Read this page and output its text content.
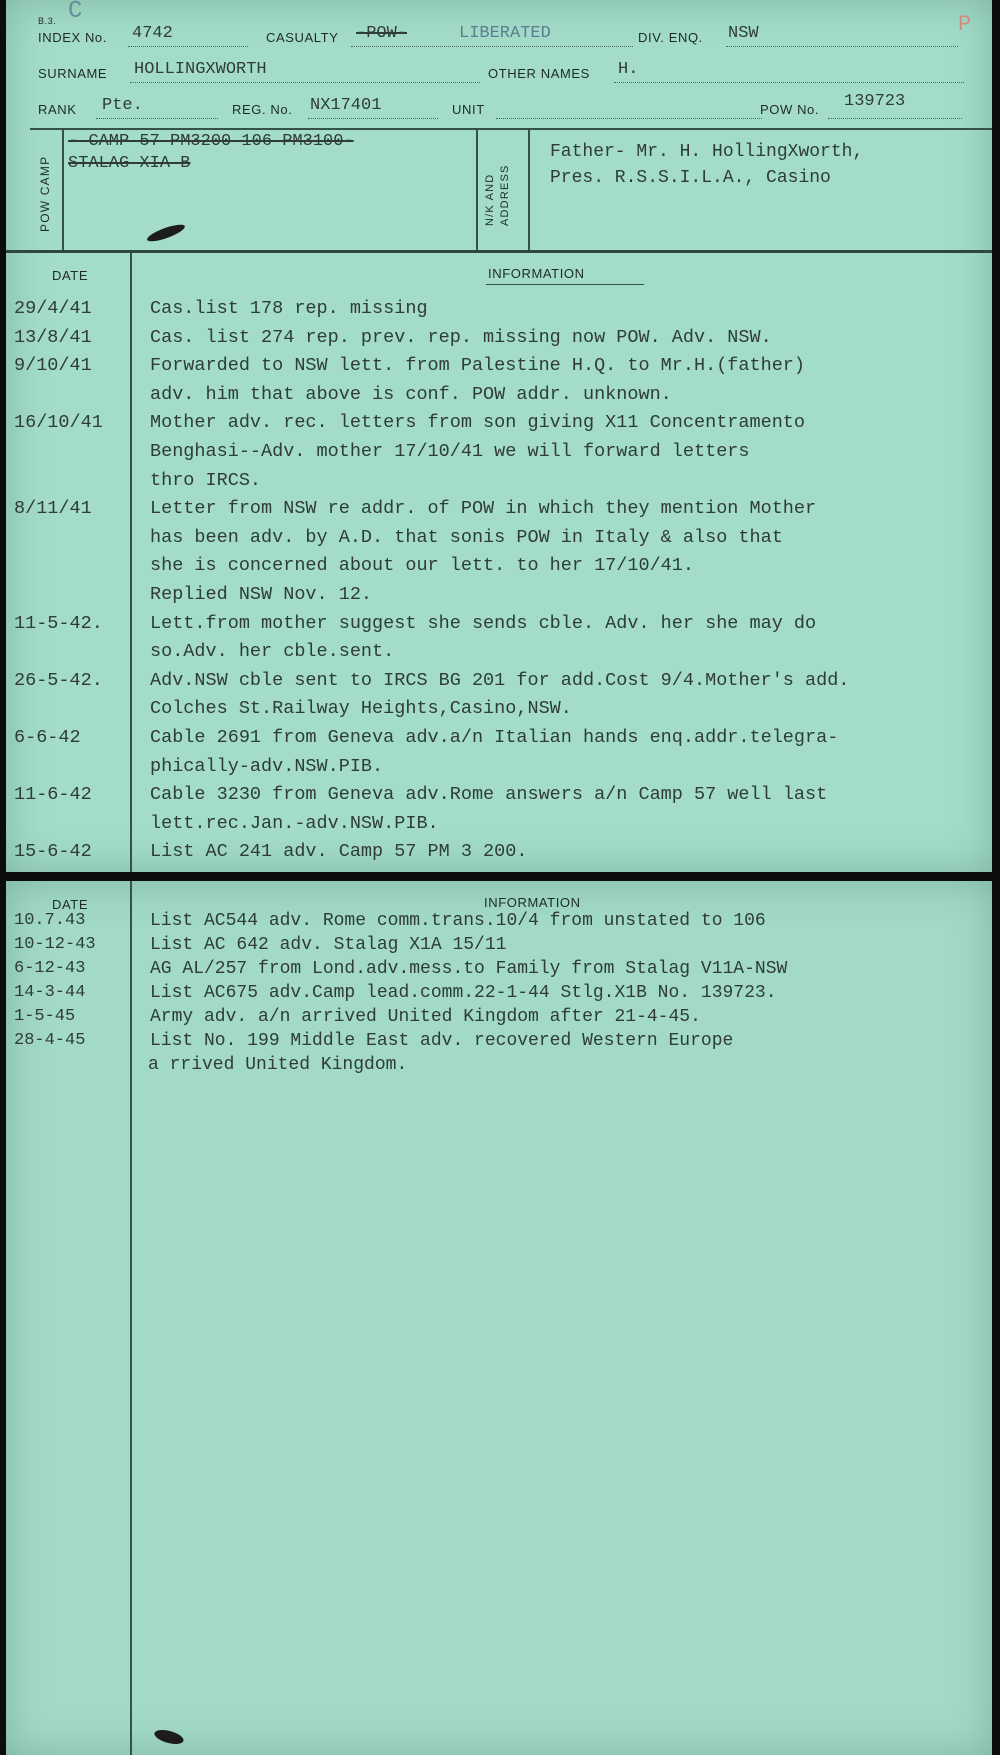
B.3. C	P
INDEX No. 4742	CASUALTY -POW-	LIBERATED	DIV. ENQ. NSW
SURNAME HOLLINGXWORTH	OTHER NAMES H.
RANK Pte.	REG. No. NX17401	UNIT	POW No. 139723
POW CAMP
- CAMP 57 PM3200 106 PM3100-
STALAG XIA B
N/K AND ADDRESS
Father- Mr. H. HollingXworth,
Pres. R.S.S.I.L.A., Casino
DATE	INFORMATION
29/4/41	Cas.list 178 rep. missing
13/8/41	Cas. list 274 rep. prev. rep. missing now POW. Adv. NSW.
9/10/41	Forwarded to NSW lett. from Palestine H.Q. to Mr.H.(father)
adv. him that above is conf. POW addr. unknown.
16/10/41	Mother adv. rec. letters from son giving X11 Concentramento
Benghasi--Adv. mother 17/10/41 we will forward letters
thro IRCS.
8/11/41	Letter from NSW re addr. of POW in which they mention Mother
has been adv. by A.D. that sonis POW in Italy & also that
she is concerned about our lett. to her 17/10/41.
Replied NSW Nov. 12.
11-5-42.	Lett.from mother suggest she sends cble. Adv. her she may do
so.Adv. her cble.sent.
26-5-42.	Adv.NSW cble sent to IRCS BG 201 for add.Cost 9/4.Mother's add.
Colches St.Railway Heights,Casino,NSW.
6-6-42	Cable 2691 from Geneva adv.a/n Italian hands enq.addr.telegra-
phically-adv.NSW.PIB.
11-6-42	Cable 3230 from Geneva adv.Rome answers a/n Camp 57 well last
lett.rec.Jan.-adv.NSW.PIB.
15-6-42	List AC 241 adv. Camp 57 PM 3 200.
DATE	INFORMATION
10.7.43	List AC544 adv. Rome comm.trans.10/4 from unstated to 106
10-12-43	List AC 642 adv. Stalag X1A 15/11
6-12-43	AG AL/257 from Lond.adv.mess.to Family from Stalag V11A-NSW
14-3-44	List AC675 adv.Camp lead.comm.22-1-44 Stlg.X1B No. 139723.
1-5-45	Army adv. a/n arrived United Kingdom after 21-4-45.
28-4-45	List No. 199 Middle East adv. recovered Western Europe
a rrived United Kingdom.
